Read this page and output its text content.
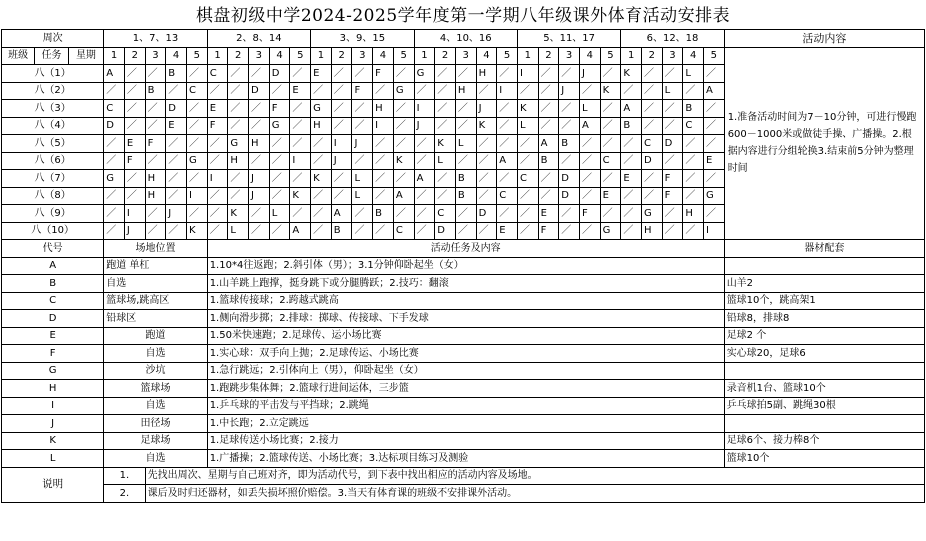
棋盘初级中学2024-2025学年度第一学期八年级课外体育活动安排表
周次			1、7、13					2、8、14					3、9、15					4、10、16					5、11、17					6、12、18					活动内容
班级	任务	星期	1	2	3	4	5	1	2	3	4	5	1	2	3	4	5	1	2	3	4	5	1	2	3	4	5	1	2	3	4	5	1.准备活动时间为7－10分钟，可进行慢跑600－1000米或做徒手操、广播操。2.根据内容进行分组轮换3.结束前5分钟为整理时间
八（1）			A	／	／	B	／	C	／	／	D	／	E	／	／	F	／	G	／	／	H	／	I	／	／	J	／	K	／	／	L	／	
八（2）			／	／	B	／	C	／	／	D	／	E	／	／	F	／	G	／	／	H	／	I	／	／	J	／	K	／	／	L	／	A	
八（3）			C	／	／	D	／	E	／	／	F	／	G	／	／	H	／	I	／	／	J	／	K	／	／	L	／	A	／	／	B	／	
八（4）			D	／	／	E	／	F	／	／	G	／	H	／	／	I	／	J	／	／	K	／	L	／	／	A	／	B	／	／	C	／	
八（5）			／	E	F	／	／	／	G	H	／	／	／	I	J	／	／	／	K	L	／	／	／	A	B	／	／	／	C	D	／	／	
八（6）			／	F	／	／	G	／	H	／	／	I	／	J	／	／	K	／	L	／	／	A	／	B	／	／	C	／	D	／	／	E	
八（7）			G	／	H	／	／	I	／	J	／	／	K	／	L	／	／	A	／	B	／	／	C	／	D	／	／	E	／	F	／	／	
八（8）			／	／	H	／	I	／	／	J	／	K	／	／	L	／	A	／	／	B	／	C	／	／	D	／	E	／	／	F	／	G	
八（9）			／	I	／	J	／	／	K	／	L	／	／	A	／	B	／	／	C	／	D	／	／	E	／	F	／	／	G	／	H	／	
八（10）			／	J	／	／	K	／	L	／	／	A	／	B	／	／	C	／	D	／	／	E	／	F	／	／	G	／	H	／	／	I	
代号			场地位置					活动任务及内容																									器材配套
A			跑道 单杠					1.10*4往返跑；2.斜引体（男）；3.1分钟仰卧起坐（女）																									
B			自选					1.山羊跳上跑撑，挺身跳下或分腿腾跃；2.技巧：翻滚																									山羊2
C			篮球场,跳高区					1.篮球传接球；2.跨越式跳高																									篮球10个，跳高架1
D			铅球区					1.侧向滑步掷；2.排球：掷球、传接球、下手发球																									铅球8，排球8
E			跑道					1.50米快速跑；2.足球传、运小场比赛																									足球2 个
F			自选					1.实心球：双手向上抛；2.足球传运、小场比赛																									实心球20，足球6
G			沙坑					1.急行跳远；2.引体向上（男），仰卧起坐（女）																									
H			篮球场					1.跑跳步集体舞；2.篮球行进间运体，三步篮																									录音机1台、篮球10个
I			自选					1.乒乓球的平击发与平挡球；2.跳绳																									乒乓球拍5副、跳绳30根
J			田径场					1.中长跑；2.立定跳远																									
K			足球场					1.足球传送小场比赛；2.接力																									足球6个、接力棒8个
L			自选					1.广播操；2.篮球传送、小场比赛；3.达标项目练习及测验																									篮球10个
说明			1.		先找出周次、星期与自己班对齐，即为活动代号，到下表中找出相应的活动内容及场地。																												
			2.		课后及时归还器材，如丢失损坏照价赔偿。3.当天有体育课的班级不安排课外活动。																												
